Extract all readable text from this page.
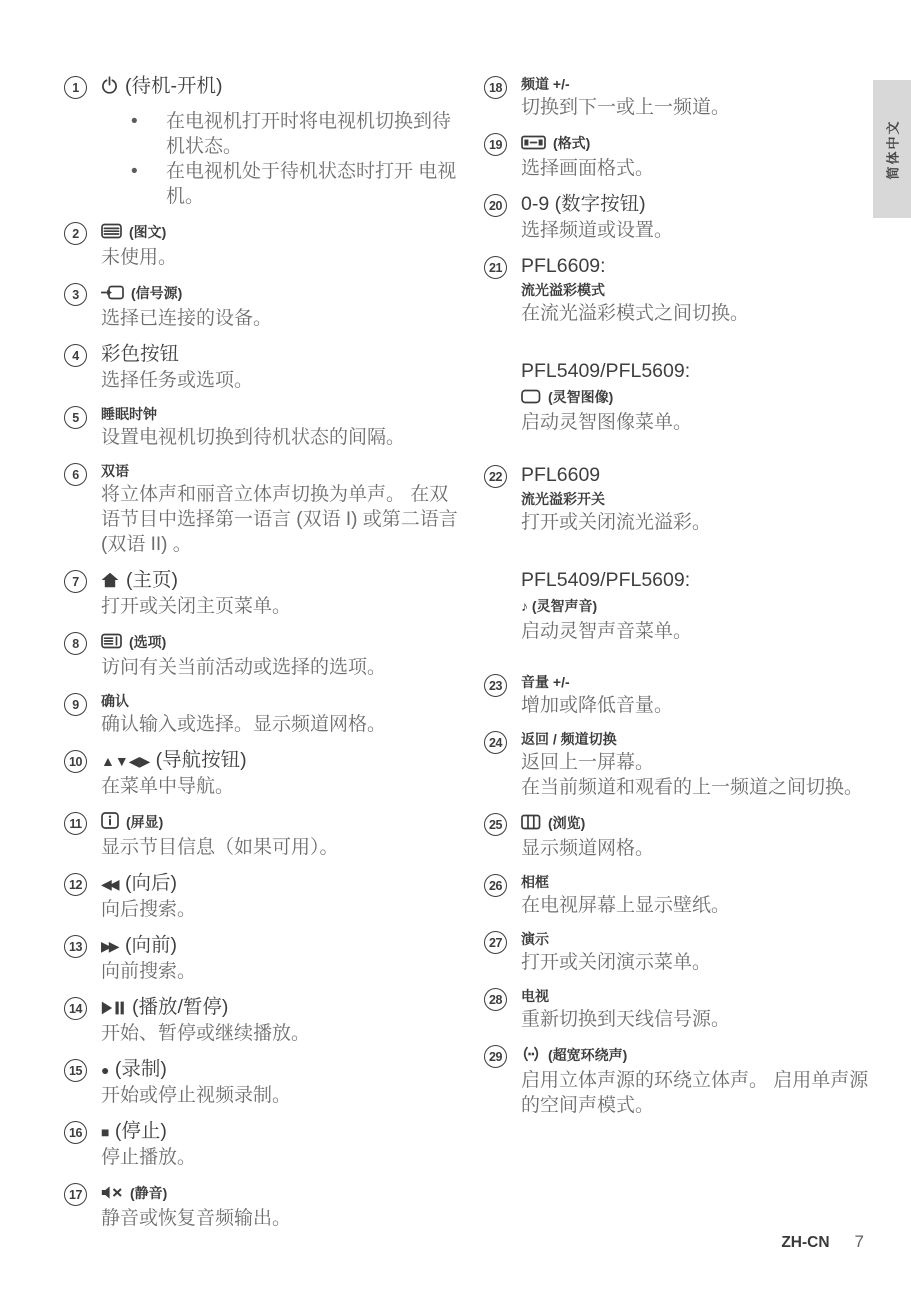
1	(待机-开机)
•	在电视机打开时将电视机切换到待机状态。
•	在电视机处于待机状态时打开 电视机。
2	(图文)
未使用。
3	(信号源)
选择已连接的设备。
4	彩色按钮
选择任务或选项。
5	睡眠时钟
设置电视机切换到待机状态的间隔。
6	双语
将立体声和丽音立体声切换为单声。 在双语节目中选择第一语言 (双语 I) 或第二语言 (双语 II) 。
7	(主页)
打开或关闭主页菜单。
8	(选项)
访问有关当前活动或选择的选项。
9	确认
确认输入或选择。显示频道网格。
10	▲▼◀▶ (导航按钮)
在菜单中导航。
11	(屏显)
显示节目信息（如果可用）。
12	◀◀ (向后)
向后搜索。
13	▶▶ (向前)
向前搜索。
14	(播放/暂停)
开始、暂停或继续播放。
15	● (录制)
开始或停止视频录制。
16	■ (停止)
停止播放。
17	(静音)
静音或恢复音频输出。
18	频道 +/-
切换到下一或上一频道。
19	(格式)
选择画面格式。
20 0-9 (数字按钮)
选择频道或设置。
21 PFL6609:
流光溢彩模式
在流光溢彩模式之间切换。
PFL5409/PFL5609:
(灵智图像)
启动灵智图像菜单。
22 PFL6609
流光溢彩开关
打开或关闭流光溢彩。
PFL5409/PFL5609:
♪ (灵智声音)
启动灵智声音菜单。
23	音量 +/-
增加或降低音量。
24	返回 / 频道切换
返回上一屏幕。
在当前频道和观看的上一频道之间切换。
25	(浏览)
显示频道网格。
26	相框
在电视屏幕上显示壁纸。
27	演示
打开或关闭演示菜单。
28	电视
重新切换到天线信号源。
29	(超宽环绕声)
启用立体声源的环绕立体声。 启用单声源的空间声模式。
简体中文
ZH-CN 7
